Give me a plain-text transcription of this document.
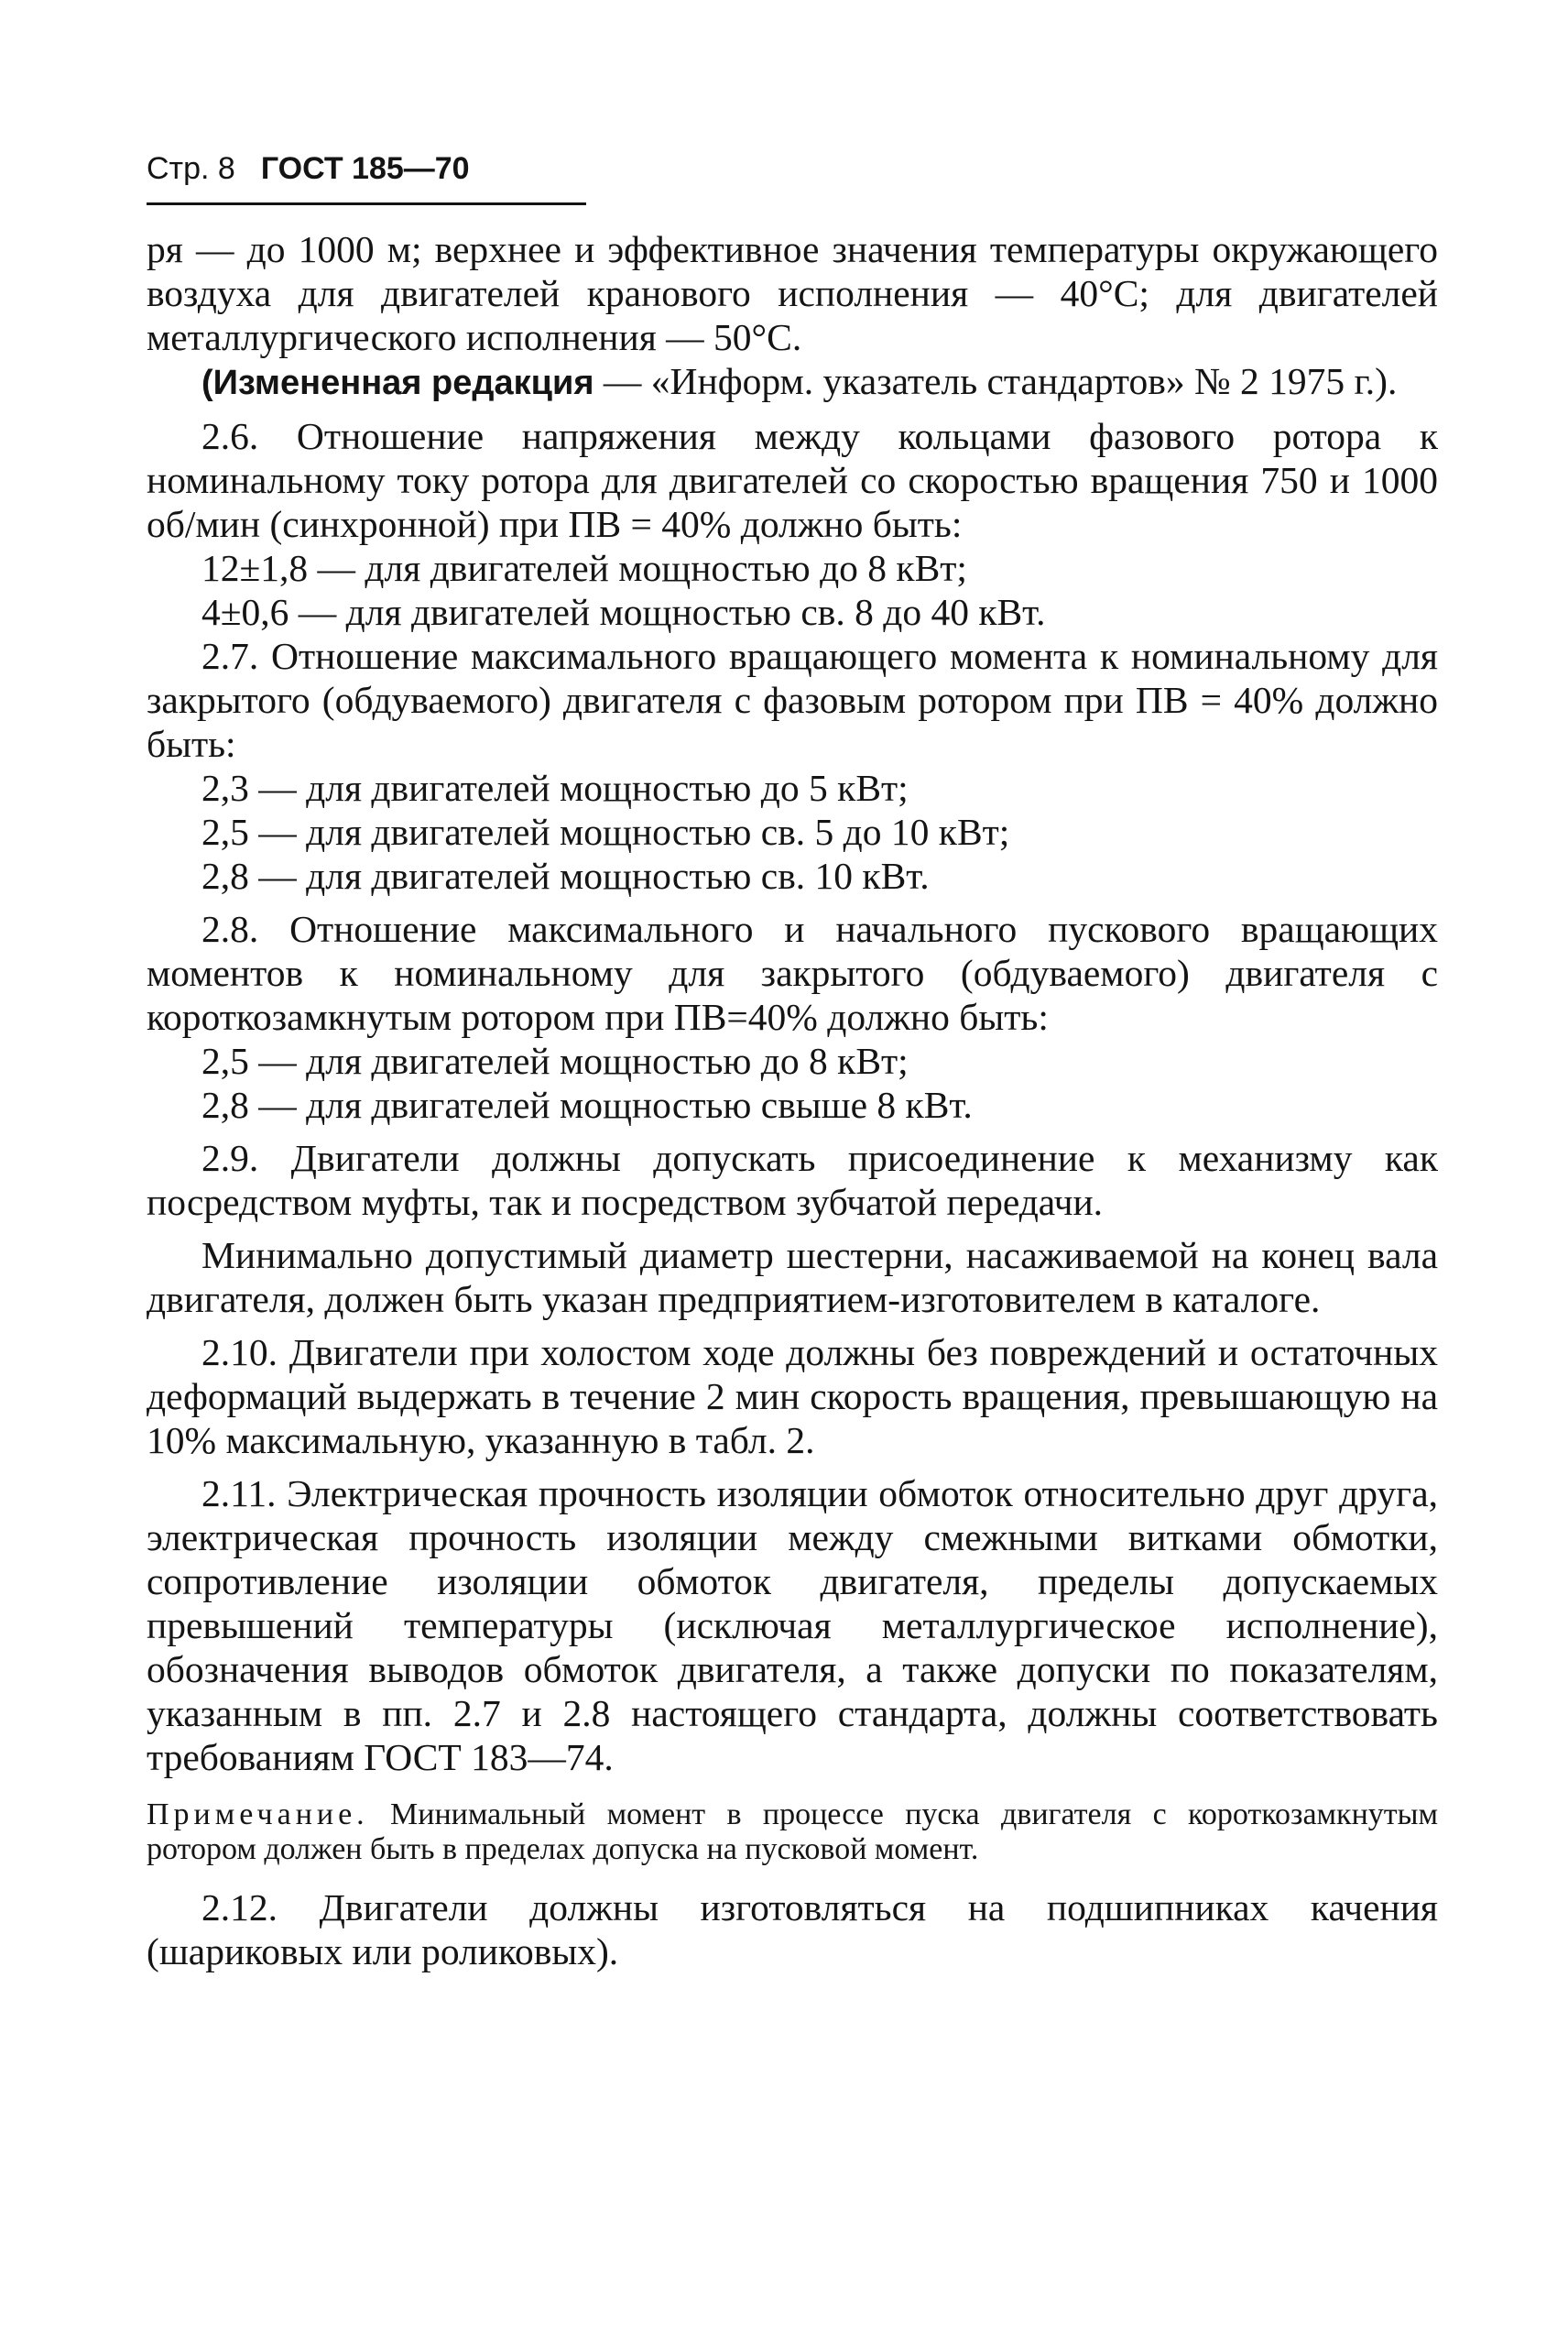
Стр. 8 ГОСТ 185—70

ря — до 1000 м; верхнее и эффективное значения температуры окружающего воздуха для двигателей кранового исполнения — 40°С; для двигателей металлургического исполнения — 50°С.

(Измененная редакция — «Информ. указатель стандартов» № 2 1975 г.).

2.6. Отношение напряжения между кольцами фазового ротора к номинальному току ротора для двигателей со скоростью вращения 750 и 1000 об/мин (синхронной) при ПВ = 40% должно быть:

12±1,8 — для двигателей мощностью до 8 кВт;

4±0,6 — для двигателей мощностью св. 8 до 40 кВт.

2.7. Отношение максимального вращающего момента к номинальному для закрытого (обдуваемого) двигателя с фазовым ротором при ПВ = 40% должно быть:

2,3 — для двигателей мощностью до 5 кВт;

2,5 — для двигателей мощностью св. 5 до 10 кВт;

2,8 — для двигателей мощностью св. 10 кВт.

2.8. Отношение максимального и начального пускового вращающих моментов к номинальному для закрытого (обдуваемого) двигателя с короткозамкнутым ротором при ПВ=40% должно быть:

2,5 — для двигателей мощностью до 8 кВт;

2,8 — для двигателей мощностью свыше 8 кВт.

2.9. Двигатели должны допускать присоединение к механизму как посредством муфты, так и посредством зубчатой передачи.

Минимально допустимый диаметр шестерни, насаживаемой на конец вала двигателя, должен быть указан предприятием-изготовителем в каталоге.

2.10. Двигатели при холостом ходе должны без повреждений и остаточных деформаций выдержать в течение 2 мин скорость вращения, превышающую на 10% максимальную, указанную в табл. 2.

2.11. Электрическая прочность изоляции обмоток относительно друг друга, электрическая прочность изоляции между смежными витками обмотки, сопротивление изоляции обмоток двигателя, пределы допускаемых превышений температуры (исключая металлургическое исполнение), обозначения выводов обмоток двигателя, а также допуски по показателям, указанным в пп. 2.7 и 2.8 настоящего стандарта, должны соответствовать требованиям ГОСТ 183—74.

Примечание. Минимальный момент в процессе пуска двигателя с короткозамкнутым ротором должен быть в пределах допуска на пусковой момент.

2.12. Двигатели должны изготовляться на подшипниках качения (шариковых или роликовых).
